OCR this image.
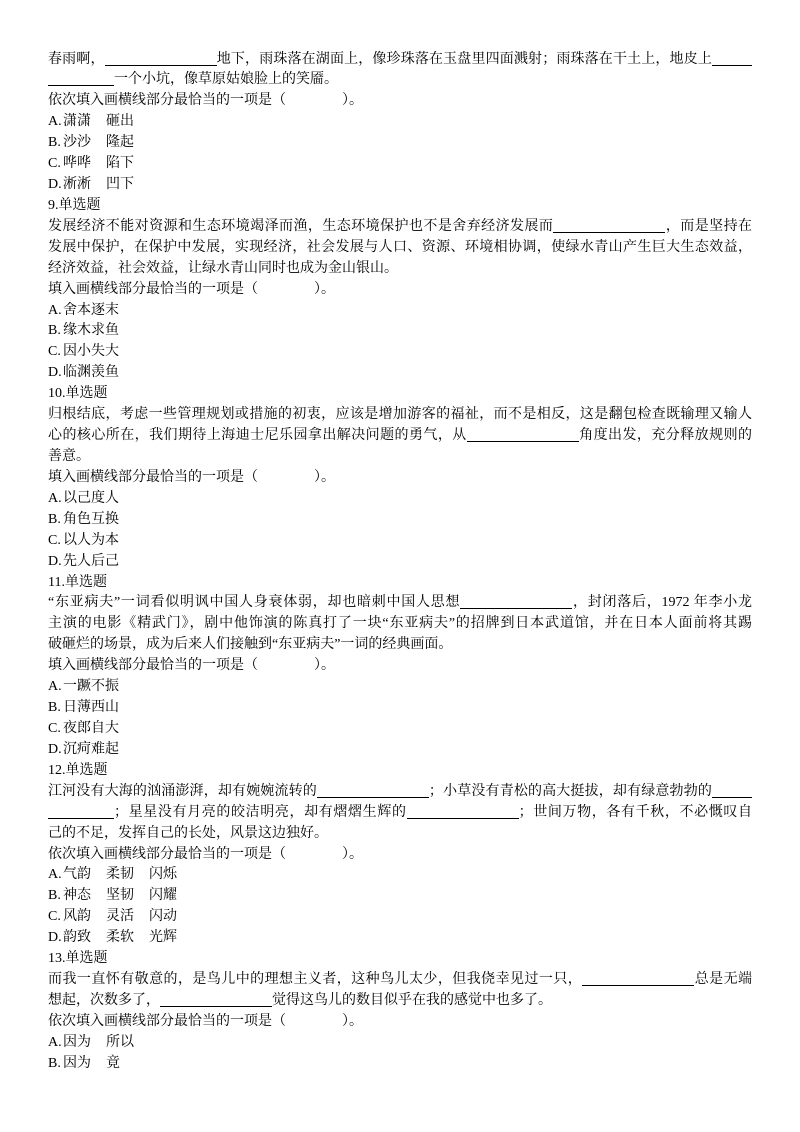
春雨啊，	地下，雨珠落在湖面上，像珍珠落在玉盘里四面溅射；雨珠落在干土上，地皮上
一个小坑，像草原姑娘脸上的笑靥。
依次填入画横线部分最恰当的一项是（　　　　）。
A.潇潇 砸出
B. 沙沙 隆起
C. 哗哗 陷下
D.淅淅 凹下
9.单选题
发展经济不能对资源和生态环境竭泽而渔，生态环境保护也不是舍弃经济发展而	，而是坚持在
发展中保护，在保护中发展，实现经济，社会发展与人口、资源、环境相协调，使绿水青山产生巨大生态效益，
经济效益，社会效益，让绿水青山同时也成为金山银山。
填入画横线部分最恰当的一项是（　　　　）。
A.舍本逐末
B. 缘木求鱼
C. 因小失大
D.临渊羡鱼
10.单选题
归根结底，考虑一些管理规划或措施的初衷，应该是增加游客的福祉，而不是相反，这是翻包检查既输理又输人
心的核心所在，我们期待上海迪士尼乐园拿出解决问题的勇气，从	角度出发，充分释放规则的
善意。
填入画横线部分最恰当的一项是（　　　　）。
A.以己度人
B. 角色互换
C. 以人为本
D.先人后己
11.单选题
“东亚病夫”一词看似明讽中国人身衰体弱，却也暗刺中国人思想	，封闭落后，1972 年李小龙
主演的电影《精武门》，剧中他饰演的陈真打了一块“东亚病夫”的招牌到日本武道馆，并在日本人面前将其踢
破砸烂的场景，成为后来人们接触到“东亚病夫”一词的经典画面。
填入画横线部分最恰当的一项是（　　　　）。
A.一蹶不振
B. 日薄西山
C. 夜郎自大
D.沉疴难起
12.单选题
江河没有大海的汹涌澎湃，却有婉婉流转的	；小草没有青松的高大挺拔，却有绿意勃勃的
；星星没有月亮的皎洁明亮，却有熠熠生辉的	；世间万物，各有千秋，不必慨叹自
己的不足，发挥自己的长处，风景这边独好。
依次填入画横线部分最恰当的一项是（　　　　）。
A.气韵 柔韧 闪烁
B. 神态 坚韧 闪耀
C. 风韵 灵活 闪动
D.韵致 柔软 光辉
13.单选题
而我一直怀有敬意的，是鸟儿中的理想主义者，这种鸟儿太少，但我侥幸见过一只，	总是无端
想起，次数多了，	觉得这鸟儿的数目似乎在我的感觉中也多了。
依次填入画横线部分最恰当的一项是（　　　　）。
A.因为 所以
B. 因为 竟
